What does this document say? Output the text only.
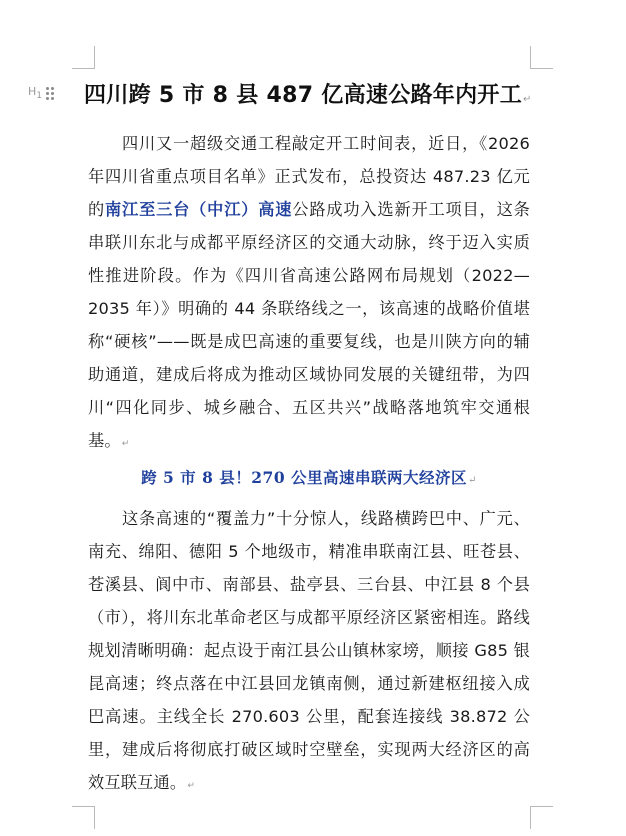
$H_1$ 四川跨 5 市 8 县 487 亿高速公路年内开工↵

四川又一超级交通工程敲定开工时间表，近日，《2026 年四川省重点项目名单》正式发布，总投资达 487.23 亿元的南江至三台（中江）高速公路成功入选新开工项目，这条串联川东北与成都平原经济区的交通大动脉，终于迈入实质性推进阶段。作为《四川省高速公路网布局规划（2022—2035 年）》明确的 44 条联络线之一，该高速的战略价值堪称“硬核”——既是成巴高速的重要复线，也是川陕方向的辅助通道，建成后将成为推动区域协同发展的关键纽带，为四川“四化同步、城乡融合、五区共兴”战略落地筑牢交通根基。↵

跨 5 市 8 县！270 公里高速串联两大经济区↵

这条高速的“覆盖力”十分惊人，线路横跨巴中、广元、南充、绵阳、德阳 5 个地级市，精准串联南江县、旺苍县、苍溪县、阆中市、南部县、盐亭县、三台县、中江县 8 个县（市），将川东北革命老区与成都平原经济区紧密相连。路线规划清晰明确：起点设于南江县公山镇林家塝，顺接 G85 银昆高速；终点落在中江县回龙镇南侧，通过新建枢纽接入成巴高速。主线全长 270.603 公里，配套连接线 38.872 公里，建成后将彻底打破区域时空壁垒，实现两大经济区的高效互联互通。↵
